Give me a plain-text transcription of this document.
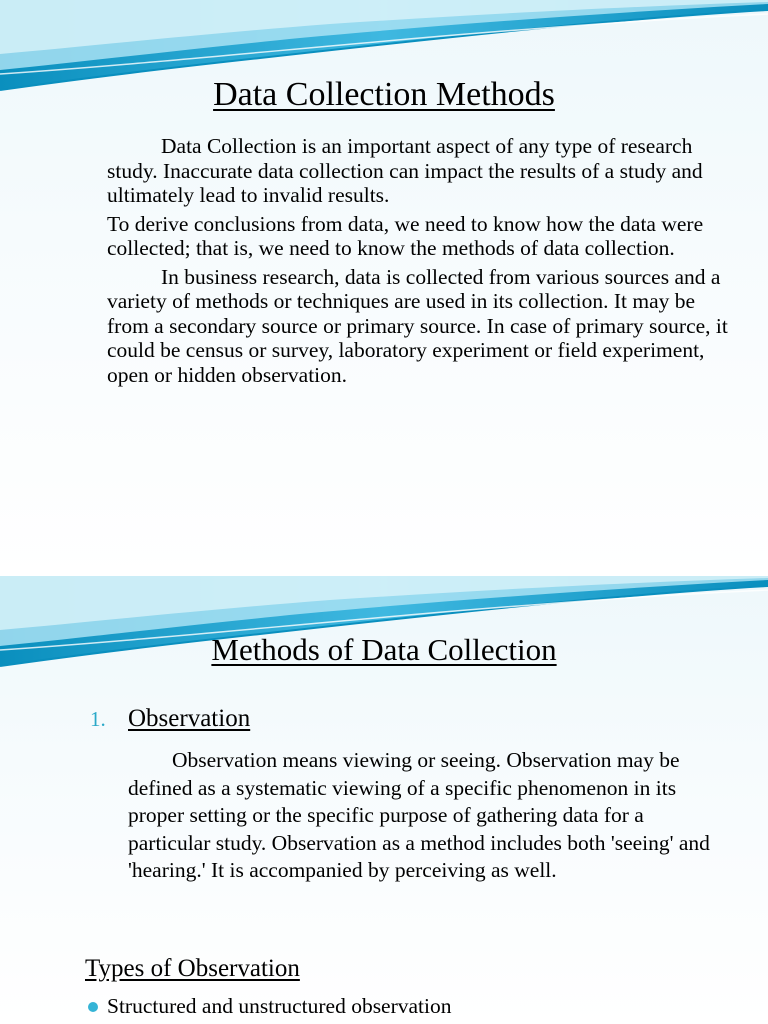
Data Collection Methods

Data Collection is an important aspect of any type of research study. Inaccurate data collection can impact the results of a study and ultimately lead to invalid results.

To derive conclusions from data, we need to know how the data were collected; that is, we need to know the methods of data collection.

In business research, data is collected from various sources and a variety of methods or techniques are used in its collection. It may be from a secondary source or primary source. In case of primary source, it could be census or survey, laboratory experiment or field experiment, open or hidden observation.

Methods of Data Collection
1. Observation

Observation means viewing or seeing. Observation may be defined as a systematic viewing of a specific phenomenon in its proper setting or the specific purpose of gathering data for a particular study. Observation as a method includes both 'seeing' and 'hearing.' It is accompanied by perceiving as well.

Types of Observation
Structured and unstructured observation
